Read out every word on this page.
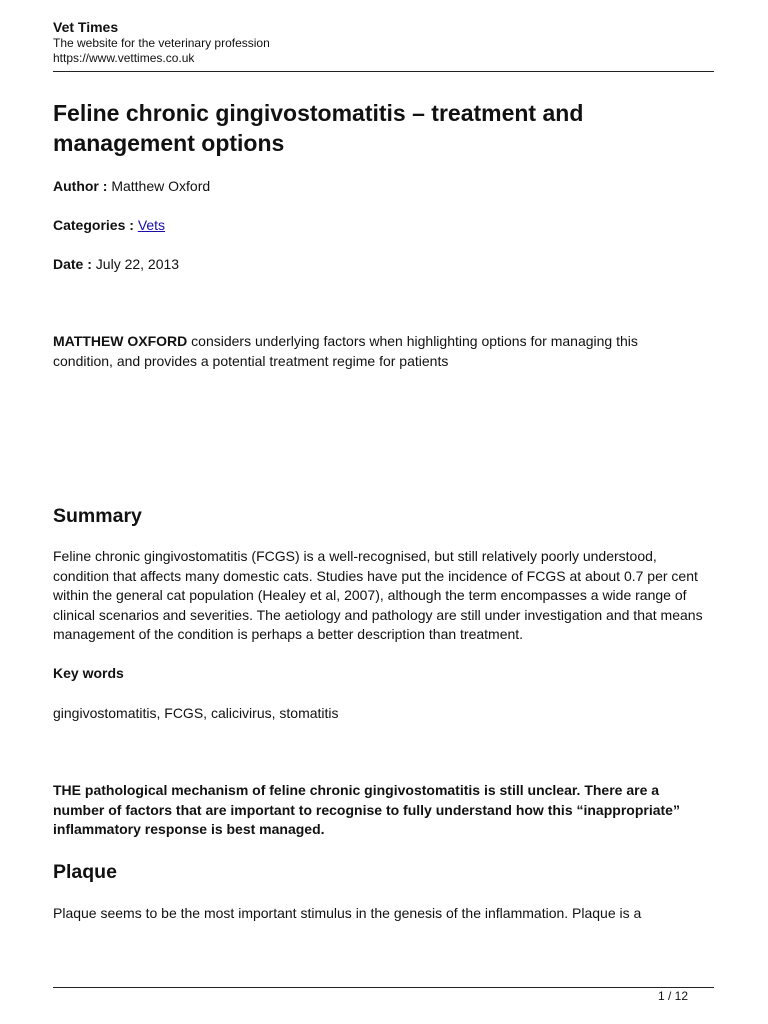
Vet Times
The website for the veterinary profession
https://www.vettimes.co.uk
Feline chronic gingivostomatitis – treatment and management options
Author : Matthew Oxford
Categories : Vets
Date : July 22, 2013

MATTHEW OXFORD considers underlying factors when highlighting options for managing this condition, and provides a potential treatment regime for patients

Summary

Feline chronic gingivostomatitis (FCGS) is a well-recognised, but still relatively poorly understood, condition that affects many domestic cats. Studies have put the incidence of FCGS at about 0.7 per cent within the general cat population (Healey et al, 2007), although the term encompasses a wide range of clinical scenarios and severities. The aetiology and pathology are still under investigation and that means management of the condition is perhaps a better description than treatment.

Key words
gingivostomatitis, FCGS, calicivirus, stomatitis

THE pathological mechanism of feline chronic gingivostomatitis is still unclear. There are a number of factors that are important to recognise to fully understand how this “inappropriate” inflammatory response is best managed.

Plaque

Plaque seems to be the most important stimulus in the genesis of the inflammation. Plaque is a

1 / 12
